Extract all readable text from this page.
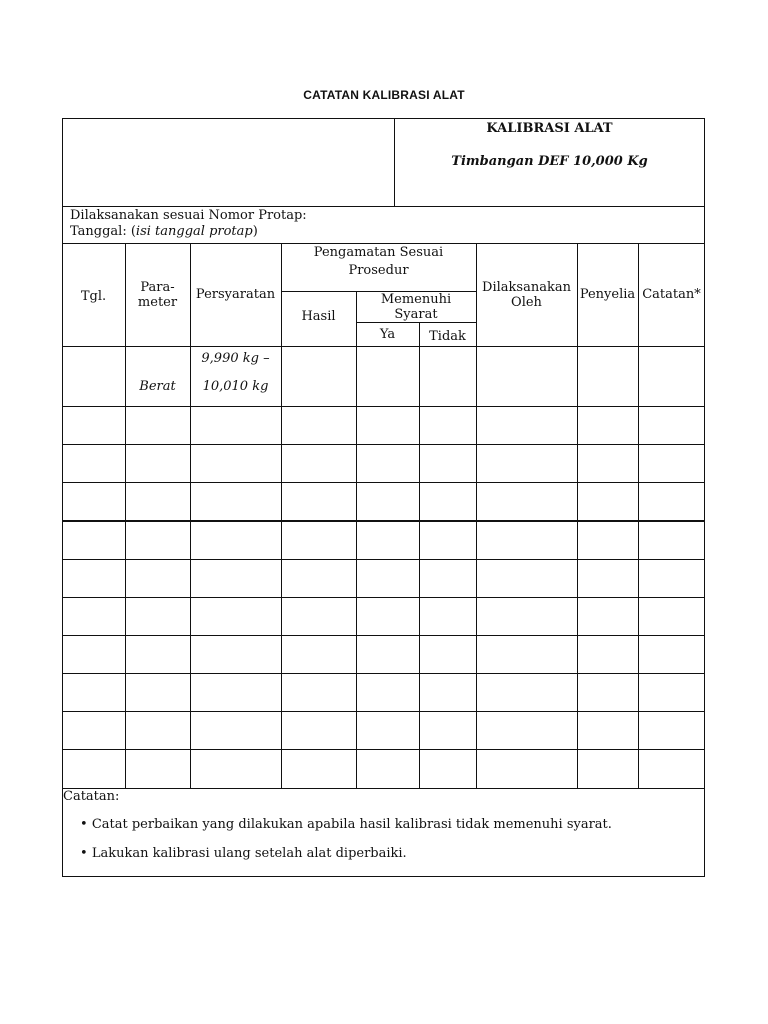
CATATAN KALIBRASI ALAT
KALIBRASI ALAT
Timbangan DEF 10,000 Kg
Dilaksanakan sesuai Nomor Protap:
Tanggal: (isi tanggal protap)
Tgl.
Para-
meter
Persyaratan
Pengamatan Sesuai
Prosedur
Hasil
Memenuhi
Syarat
Ya	Tidak
Dilaksanakan
Oleh
Penyelia Catatan*
Berat
9,990 kg –
10,010 kg
Catatan:
• Catat perbaikan yang dilakukan apabila hasil kalibrasi tidak memenuhi syarat.
• Lakukan kalibrasi ulang setelah alat diperbaiki.
